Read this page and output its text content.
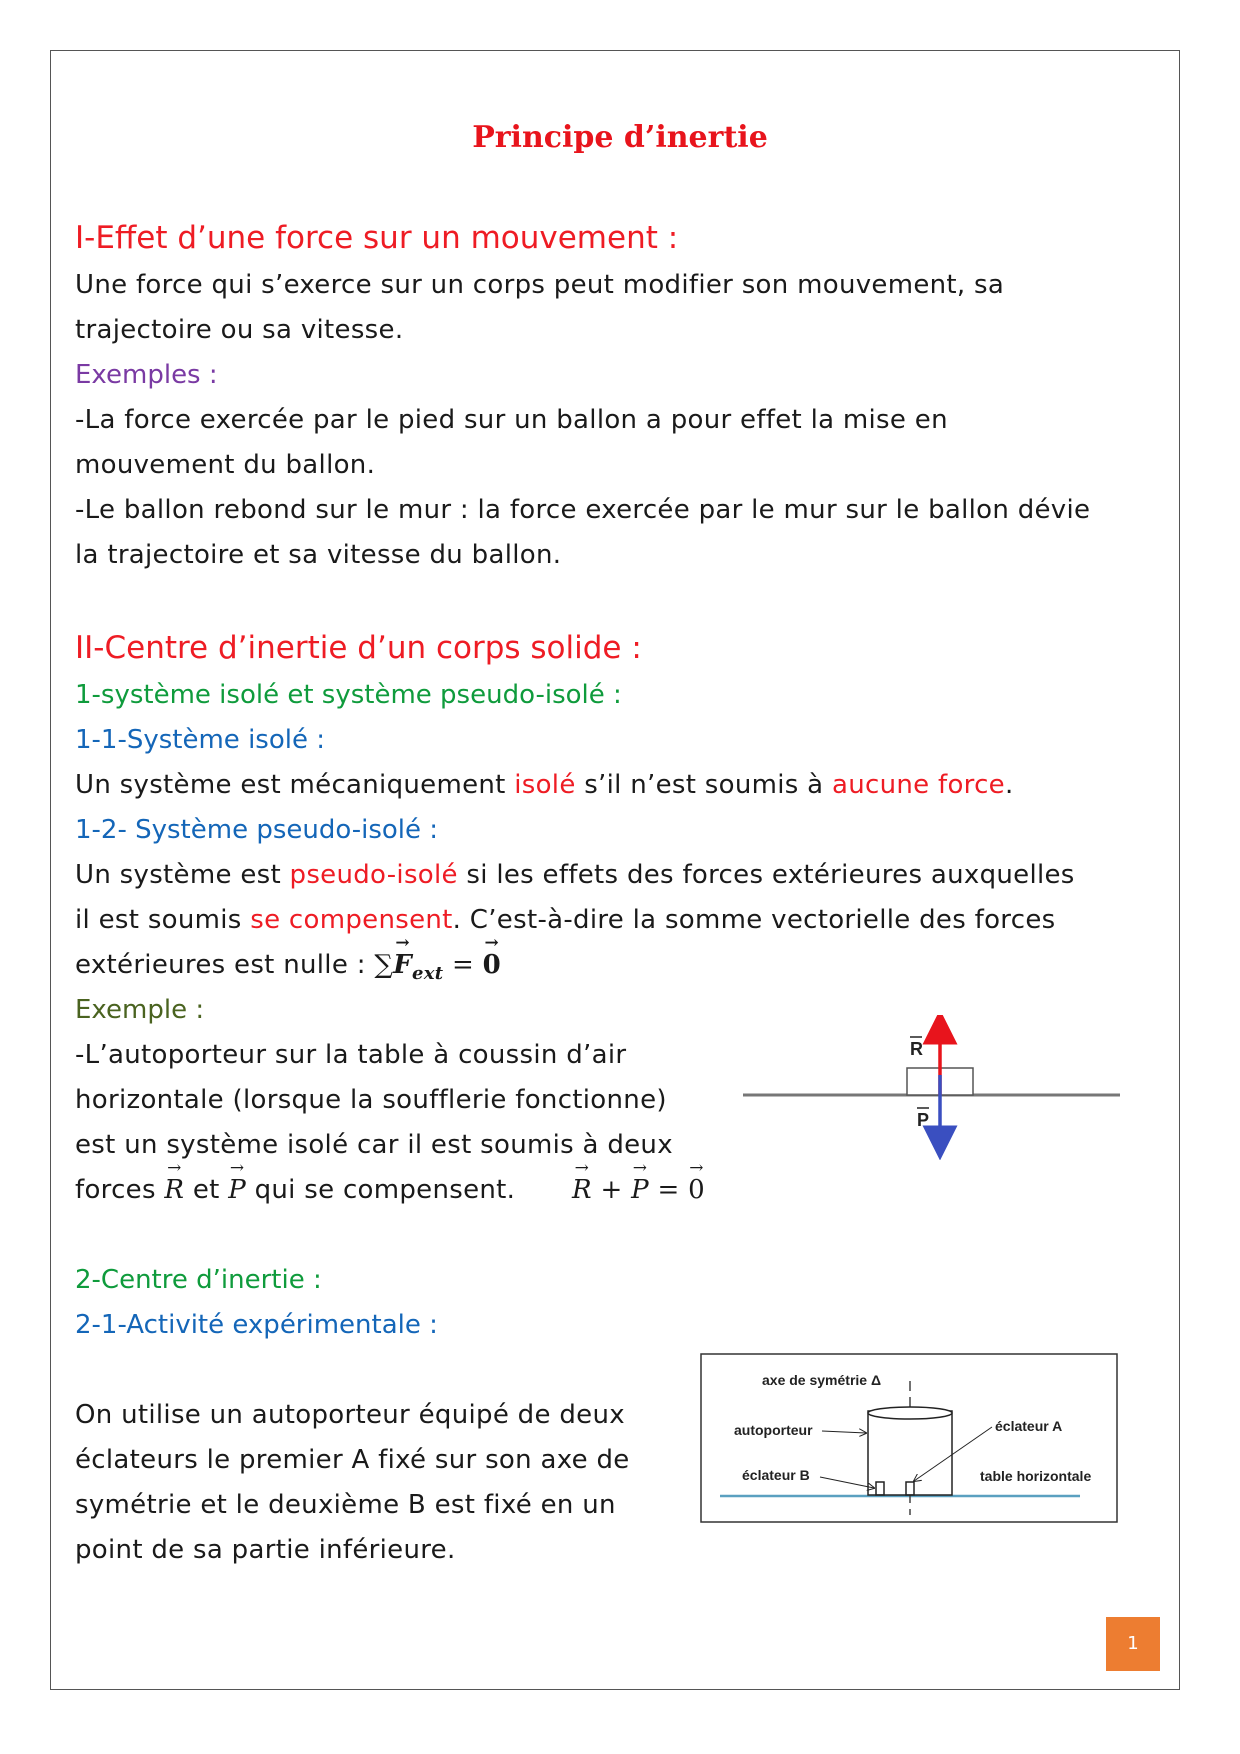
Principe d’inertie
I-Effet d’une force sur un mouvement :
Une force qui s’exerce sur un corps peut modifier son mouvement, sa
trajectoire ou sa vitesse.
Exemples :
-La force exercée par le pied sur un ballon a pour effet la mise en
mouvement du ballon.
-Le ballon rebond sur le mur : la force exercée par le mur sur le ballon dévie
la trajectoire et sa vitesse du ballon.
II-Centre d’inertie d’un corps solide :
1-système isolé et système pseudo-isolé :
1-1-Système isolé :
Un système est mécaniquement isolé s’il n’est soumis à aucune force.
1-2- Système pseudo-isolé :
Un système est pseudo-isolé si les effets des forces extérieures auxquelles
il est soumis se compensent. C’est-à-dire la somme vectorielle des forces
extérieures est nulle : ∑→ $F_{ext}$ = → 0
Exemple :
-L’autoporteur sur la table à coussin d’air
horizontale (lorsque la soufflerie fonctionne)
est un système isolé car il est soumis à deux
forces → R et → P qui se compensent.
→ R + → P = → 0
R
P
2-Centre d’inertie :
2-1-Activité expérimentale :
On utilise un autoporteur équipé de deux
éclateurs le premier A fixé sur son axe de
symétrie et le deuxième B est fixé en un
point de sa partie inférieure.
axe de symétrie Δ
autoporteur	éclateur A
éclateur B	table horizontale
1
